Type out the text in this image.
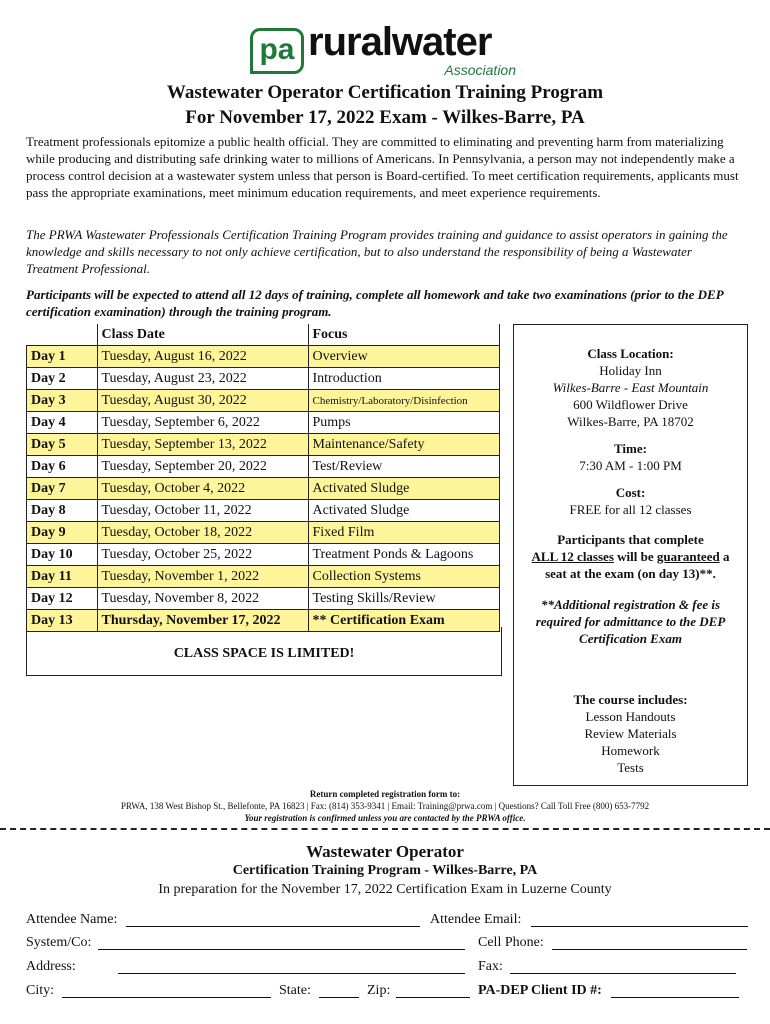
pa ruralwater
Association
Wastewater Operator Certification Training Program
For November 17, 2022 Exam - Wilkes-Barre, PA

Treatment professionals epitomize a public health official. They are committed to eliminating and preventing harm from materializing while producing and distributing safe drinking water to millions of Americans. In Pennsylvania, a person may not independently make a process control decision at a wastewater system unless that person is Board-certified. To meet certification requirements, applicants must pass the appropriate examinations, meet minimum education requirements, and meet experience requirements.

The PRWA Wastewater Professionals Certification Training Program provides training and guidance to assist operators in gaining the knowledge and skills necessary to not only achieve certification, but to also understand the responsibility of being a Wastewater Treatment Professional.

Participants will be expected to attend all 12 days of training, complete all homework and take two examinations (prior to the DEP certification examination) through the training program.

	Class Date	Focus
Day 1	Tuesday, August 16, 2022	Overview
Day 2	Tuesday, August 23, 2022	Introduction
Day 3	Tuesday, August 30, 2022	Chemistry/Laboratory/Disinfection
Day 4	Tuesday, September 6, 2022	Pumps
Day 5	Tuesday, September 13, 2022	Maintenance/Safety
Day 6	Tuesday, September 20, 2022	Test/Review
Day 7	Tuesday, October 4, 2022	Activated Sludge
Day 8	Tuesday, October 11, 2022	Activated Sludge
Day 9	Tuesday, October 18, 2022	Fixed Film
Day 10	Tuesday, October 25, 2022	Treatment Ponds & Lagoons
Day 11	Tuesday, November 1, 2022	Collection Systems
Day 12	Tuesday, November 8, 2022	Testing Skills/Review
Day 13	Thursday, November 17, 2022	** Certification Exam
CLASS SPACE IS LIMITED!

Class Location:

Holiday Inn

Wilkes-Barre - East Mountain

600 Wildflower Drive

Wilkes-Barre, PA 18702

Time:

7:30 AM - 1:00 PM

Cost:

FREE for all 12 classes

Participants that complete

ALL 12 classes will be guaranteed a

seat at the exam (on day 13)**.

**Additional registration & fee is required for admittance to the DEP Certification Exam

The course includes:

Lesson Handouts

Review Materials

Homework

Tests

Return completed registration form to:
PRWA, 138 West Bishop St., Bellefonte, PA 16823 | Fax: (814) 353-9341 | Email: Training@prwa.com | Questions? Call Toll Free (800) 653-7792
Your registration is confirmed unless you are contacted by the PRWA office.
Wastewater Operator
Certification Training Program - Wilkes-Barre, PA
In preparation for the November 17, 2022 Certification Exam in Luzerne County
Attendee Name:	Attendee Email:
System/Co:	Cell Phone:
Address:	Fax:
City:	State:	Zip:	PA-DEP Client ID #:
